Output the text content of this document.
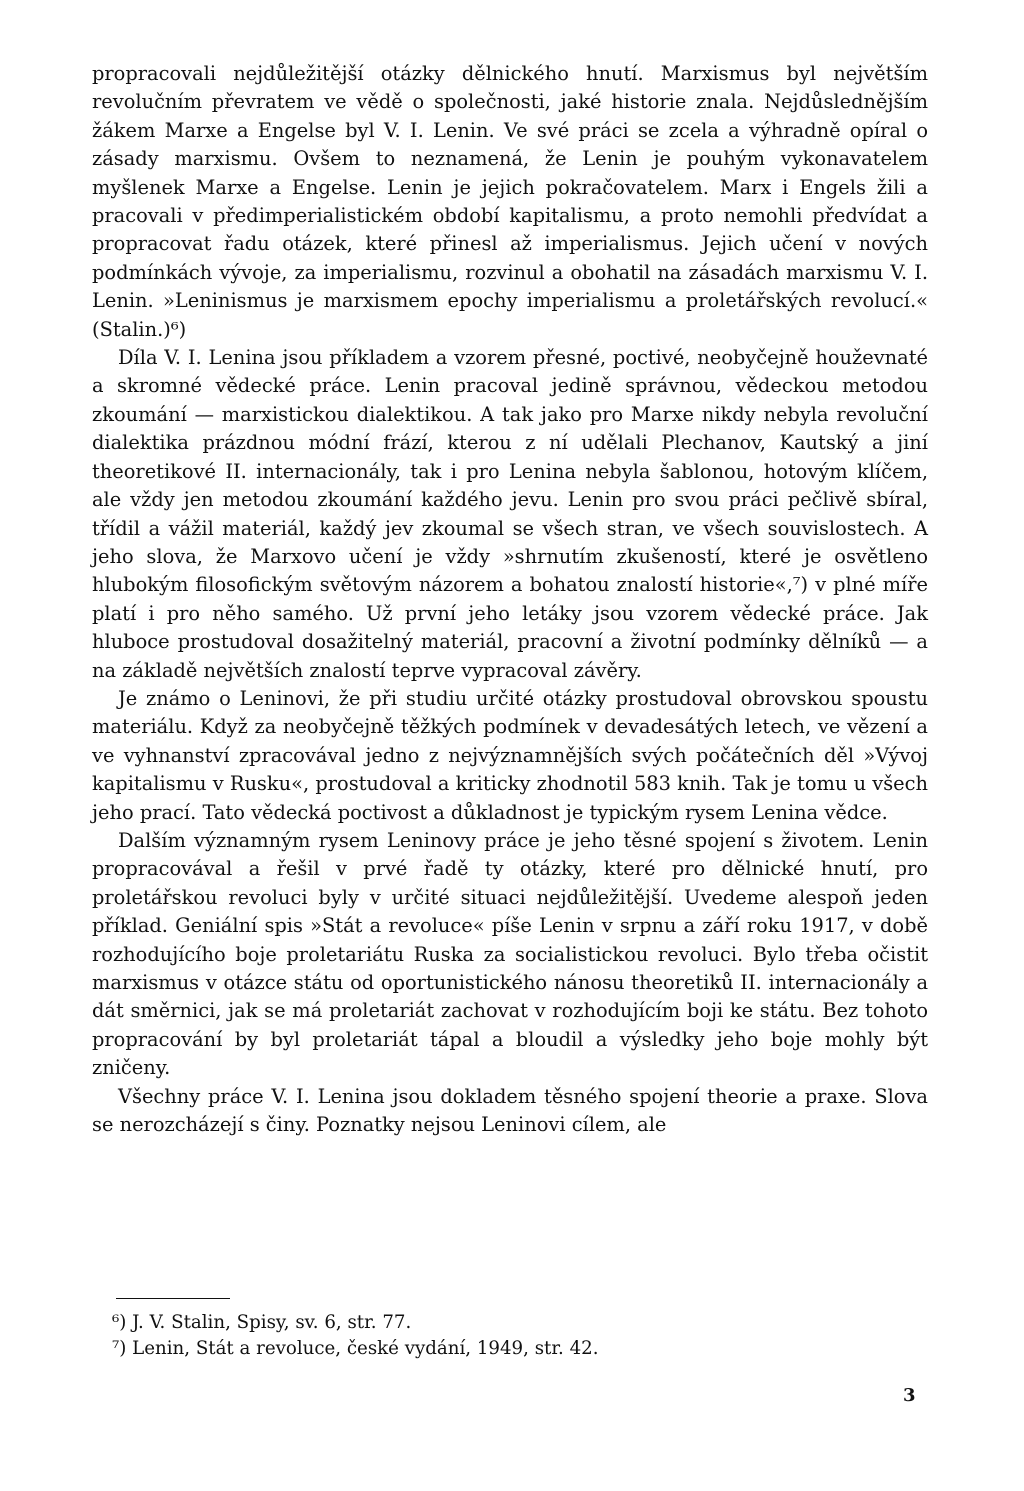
propracovali nejdůležitější otázky dělnického hnutí. Marxismus byl největším revolučním převratem ve vědě o společnosti, jaké historie znala. Nejdůslednějším žákem Marxe a Engelse byl V. I. Lenin. Ve své práci se zcela a výhradně opíral o zásady marxismu. Ovšem to neznamená, že Lenin je pouhým vykonavatelem myšlenek Marxe a Engelse. Lenin je jejich pokračovatelem. Marx i Engels žili a pracovali v předimperialistickém období kapitalismu, a proto nemohli předvídat a propracovat řadu otázek, které přinesl až imperialismus. Jejich učení v nových podmínkách vývoje, za imperialismu, rozvinul a obohatil na zásadách marxismu V. I. Lenin. »Leninismus je marxismem epochy imperialismu a proletářských revolucí.« (Stalin.)⁶)

Díla V. I. Lenina jsou příkladem a vzorem přesné, poctivé, neobyčejně houževnaté a skromné vědecké práce. Lenin pracoval jedině správnou, vědeckou metodou zkoumání — marxistickou dialektikou. A tak jako pro Marxe nikdy nebyla revoluční dialektika prázdnou módní frází, kterou z ní udělali Plechanov, Kautský a jiní theoretikové II. internacionály, tak i pro Lenina nebyla šablonou, hotovým klíčem, ale vždy jen metodou zkoumání každého jevu. Lenin pro svou práci pečlivě sbíral, třídil a vážil materiál, každý jev zkoumal se všech stran, ve všech souvislostech. A jeho slova, že Marxovo učení je vždy »shrnutím zkušeností, které je osvětleno hlubokým filosofickým světovým názorem a bohatou znalostí historie«,⁷) v plné míře platí i pro něho samého. Už první jeho letáky jsou vzorem vědecké práce. Jak hluboce prostudoval dosažitelný materiál, pracovní a životní podmínky dělníků — a na základě největších znalostí teprve vypracoval závěry.

Je známo o Leninovi, že při studiu určité otázky prostudoval obrovskou spoustu materiálu. Když za neobyčejně těžkých podmínek v devadesátých letech, ve vězení a ve vyhnanství zpracovával jedno z nejvýznamnějších svých počátečních děl »Vývoj kapitalismu v Rusku«, prostudoval a kriticky zhodnotil 583 knih. Tak je tomu u všech jeho prací. Tato vědecká poctivost a důkladnost je typickým rysem Lenina vědce.

Dalším významným rysem Leninovy práce je jeho těsné spojení s životem. Lenin propracovával a řešil v prvé řadě ty otázky, které pro dělnické hnutí, pro proletářskou revoluci byly v určité situaci nejdůležitější. Uvedeme alespoň jeden příklad. Geniální spis »Stát a revoluce« píše Lenin v srpnu a září roku 1917, v době rozhodujícího boje proletariátu Ruska za socialistickou revoluci. Bylo třeba očistit marxismus v otázce státu od oportunistického nánosu theoretiků II. internacionály a dát směrnici, jak se má proletariát zachovat v rozhodujícím boji ke státu. Bez tohoto propracování by byl proletariát tápal a bloudil a výsledky jeho boje mohly být zničeny.

Všechny práce V. I. Lenina jsou dokladem těsného spojení theorie a praxe. Slova se nerozcházejí s činy. Poznatky nejsou Leninovi cílem, ale

⁶) J. V. Stalin, Spisy, sv. 6, str. 77.
⁷) Lenin, Stát a revoluce, české vydání, 1949, str. 42.
3
